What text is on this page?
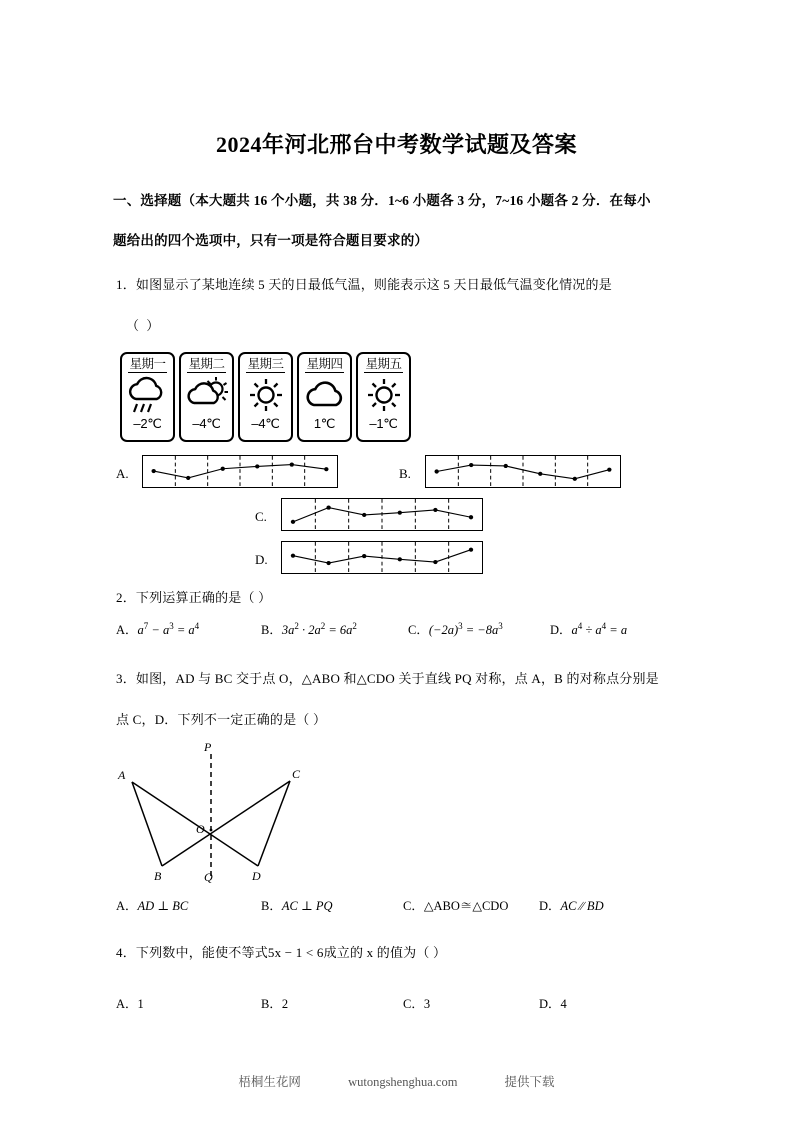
2024年河北邢台中考数学试题及答案
一、选择题（本大题共 16 个小题，共 38 分．1~6 小题各 3 分，7~16 小题各 2 分．在每小
题给出的四个选项中，只有一项是符合题目要求的）
1．如图显示了某地连续 5 天的日最低气温，则能表示这 5 天日最低气温变化情况的是
（ ）
星期一
–2℃
星期二
–4℃
星期三
–4℃
星期四
1℃
星期五
–1℃
A.	B.
C.
D.
2．下列运算正确的是（ ）
A．$a^7 - a^3 = a^4$	B．$3a^2 \cdot 2a^2 = 6a^2$	C．$(-2a)^3 = -8a^3$	D．$a^4 \div a^4 = a$
3．如图，AD 与 BC 交于点 O，△ABO 和△CDO 关于直线 PQ 对称，点 A，B 的对称点分别是
点 C，D．下列不一定正确的是（ ）
P
Q
A
B
C
D
O
A．AD ⊥ BC	B．AC ⊥ PQ	C．△ABO≅△CDO D．AC ∕∕ BD
4．下列数中，能使不等式5x − 1 < 6成立的 x 的值为（ ）
A．1	B．2	C．3	D．4
梧桐生花网	wutongshenghua.com	提供下载
